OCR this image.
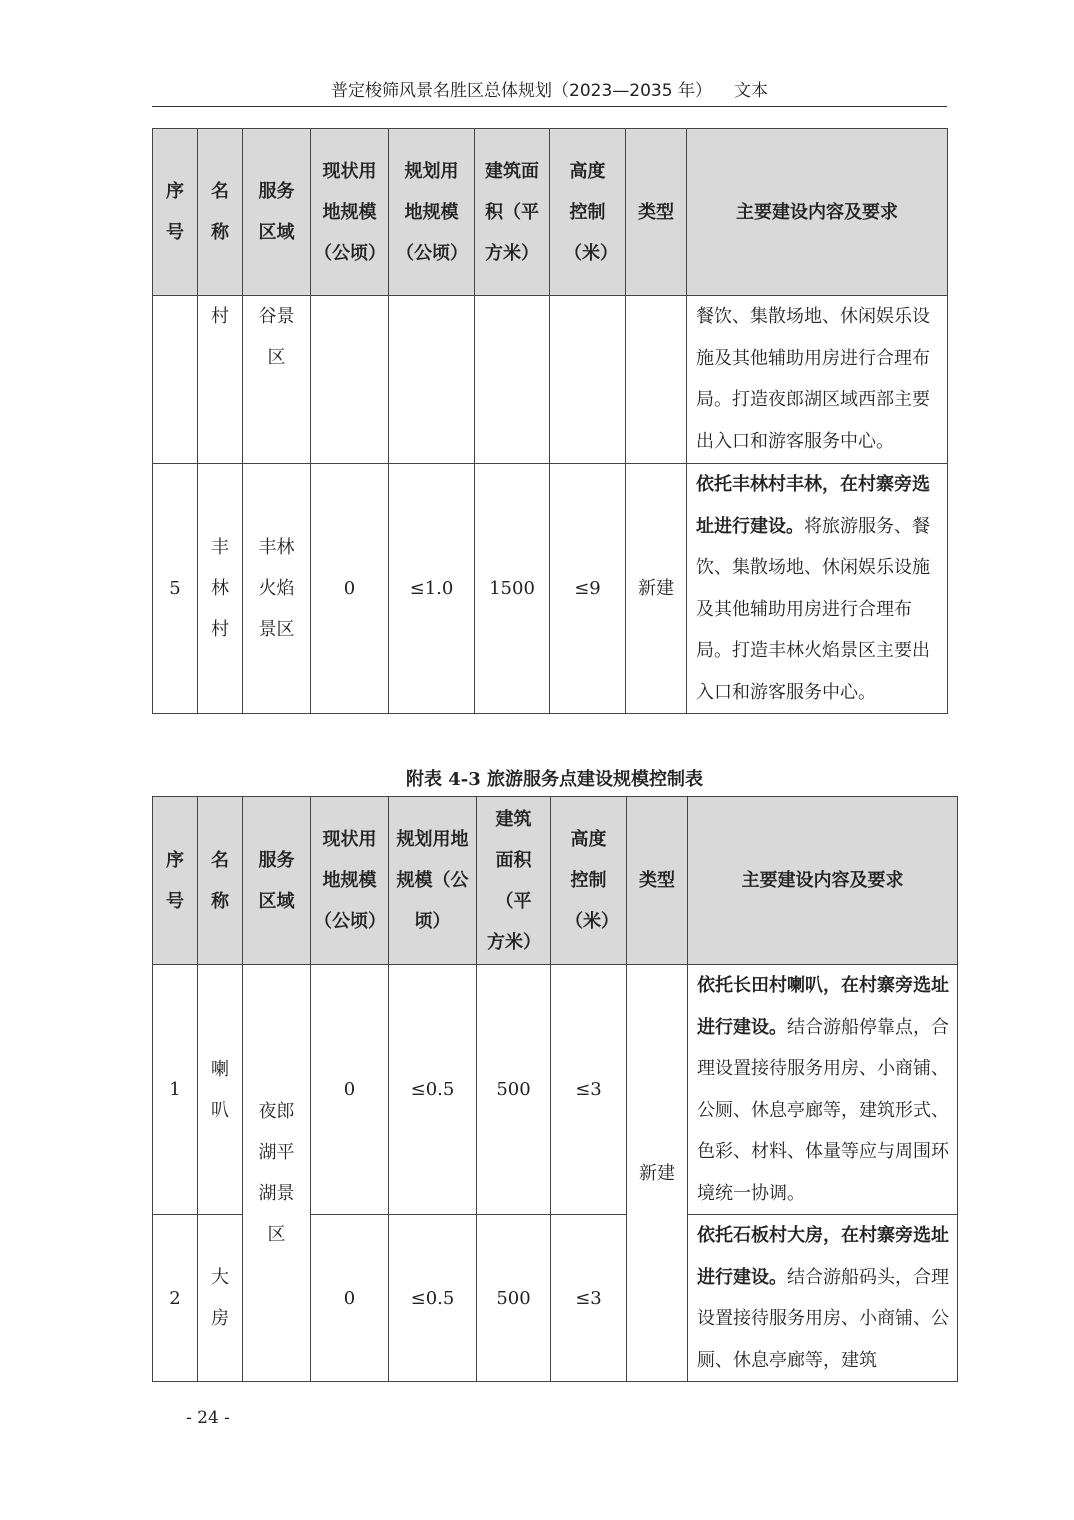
普定梭筛风景名胜区总体规划（2023—2035 年） 文本
序号	名称	服务区域	现状用地规模（公顷）	规划用地规模（公顷）	建筑面积（平方米）	高度控制（米）	类型	主要建设内容及要求
	村	谷景区						餐饮、集散场地、休闲娱乐设施及其他辅助用房进行合理布局。打造夜郎湖区域西部主要出入口和游客服务中心。
5	丰林村	丰林火焰景区	0	≤1.0	1500	≤9	新建	依托丰林村丰林，在村寨旁选址进行建设。将旅游服务、餐饮、集散场地、休闲娱乐设施及其他辅助用房进行合理布局。打造丰林火焰景区主要出入口和游客服务中心。
附表 4-3 旅游服务点建设规模控制表
序号	名称	服务区域	现状用地规模（公顷）	规划用地规模（公顷）	建筑面积（平方米）	高度控制（米）	类型	主要建设内容及要求
1	喇叭	夜郎湖平湖景区	0	≤0.5	500	≤3	新建	依托长田村喇叭，在村寨旁选址进行建设。结合游船停靠点，合理设置接待服务用房、小商铺、公厕、休息亭廊等，建筑形式、色彩、材料、体量等应与周围环境统一协调。
2	大房		0	≤0.5	500	≤3		依托石板村大房，在村寨旁选址进行建设。结合游船码头，合理设置接待服务用房、小商铺、公厕、休息亭廊等，建筑
- 24 -
